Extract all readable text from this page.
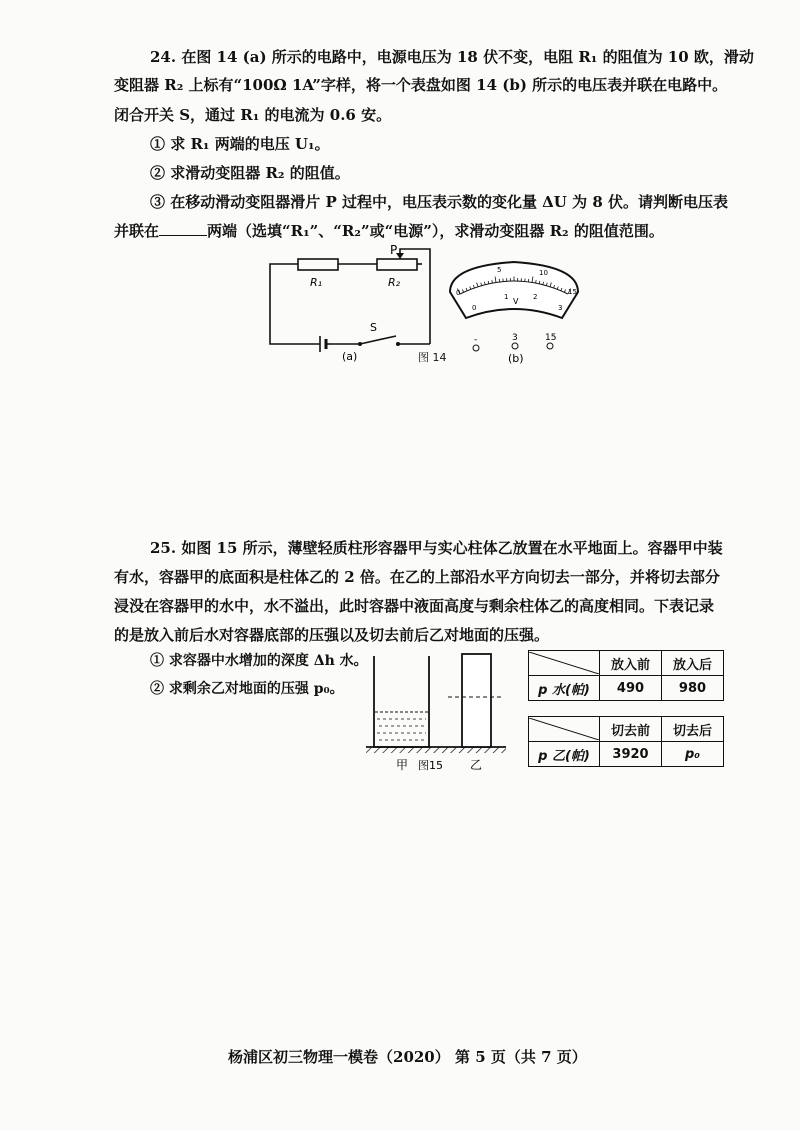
24. 在图 14 (a) 所示的电路中，电源电压为 18 伏不变，电阻 R₁ 的阻值为 10 欧，滑动
变阻器 R₂ 上标有“100Ω 1A”字样，将一个表盘如图 14 (b) 所示的电压表并联在电路中。
闭合开关 S，通过 R₁ 的电流为 0.6 安。
① 求 R₁ 两端的电压 U₁。
② 求滑动变阻器 R₂ 的阻值。
③ 在移动滑动变阻器滑片 P 过程中，电压表示数的变化量 ΔU 为 8 伏。请判断电压表
并联在	两端（选填“R₁”、“R₂”或“电源”），求滑动变阻器 R₂ 的阻值范围。
P
R₁	R₂
S
(a)	图 14
0
5	10
15
0
1	2
3
V
-	3	15
(b)
25. 如图 15 所示，薄壁轻质柱形容器甲与实心柱体乙放置在水平地面上。容器甲中装
有水，容器甲的底面积是柱体乙的 2 倍。在乙的上部沿水平方向切去一部分，并将切去部分
浸没在容器甲的水中，水不溢出，此时容器中液面高度与剩余柱体乙的高度相同。下表记录
的是放入前后水对容器底部的压强以及切去前后乙对地面的压强。
① 求容器中水增加的深度 Δh 水。
② 求剩余乙对地面的压强 p₀。
甲 图15 乙
	放入前	放入后
p 水(帕)	490	980
	切去前	切去后
p 乙(帕)	3920	p₀
杨浦区初三物理一模卷（2020） 第 5 页（共 7 页）
